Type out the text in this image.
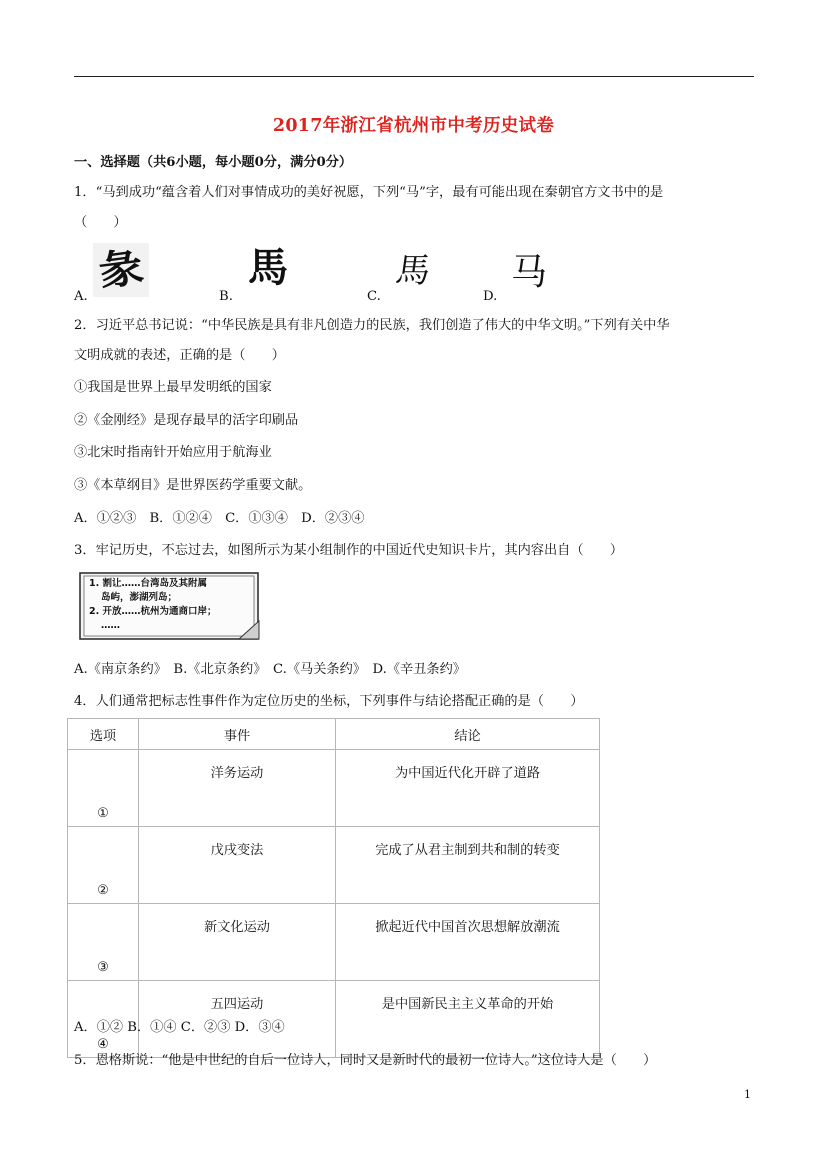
2017年浙江省杭州市中考历史试卷
一、选择题（共6小题，每小题0分，满分0分）
1．“马到成功“蕴含着人们对事情成功的美好祝愿，下列“马”字，最有可能出现在秦朝官方文书中的是
（　　）
A.
彖
B.
馬
C.
馬
D.
马
2．习近平总书记说：“中华民族是具有非凡创造力的民族，我们创造了伟大的中华文明。”下列有关中华
文明成就的表述，正确的是（　　）
①我国是世界上最早发明纸的国家
②《金刚经》是现存最早的活字印刷品
③北宋时指南针开始应用于航海业
③《本草纲目》是世界医药学重要文献。
A．①②③　B．①②④　C．①③④　D．②③④
3．牢记历史，不忘过去，如图所示为某小组制作的中国近代史知识卡片，其内容出自（　　）
1. 割让……台湾岛及其附属
岛屿，澎湖列岛；
2. 开放……杭州为通商口岸；
……
A.《南京条约》　B.《北京条约》　C.《马关条约》　D.《辛丑条约》
4．人们通常把标志性事件作为定位历史的坐标，下列事件与结论搭配正确的是（　　）
选项	事件	结论
①	洋务运动	为中国近代化开辟了道路
②	戊戌变法	完成了从君主制到共和制的转变
③	新文化运动	掀起近代中国首次思想解放潮流
④	五四运动	是中国新民主主义革命的开始
A．①② B．①④ C．②③ D．③④
5．恩格斯说：“他是中世纪的自后一位诗人，同时又是新时代的最初一位诗人。”这位诗人是（　　）
1
